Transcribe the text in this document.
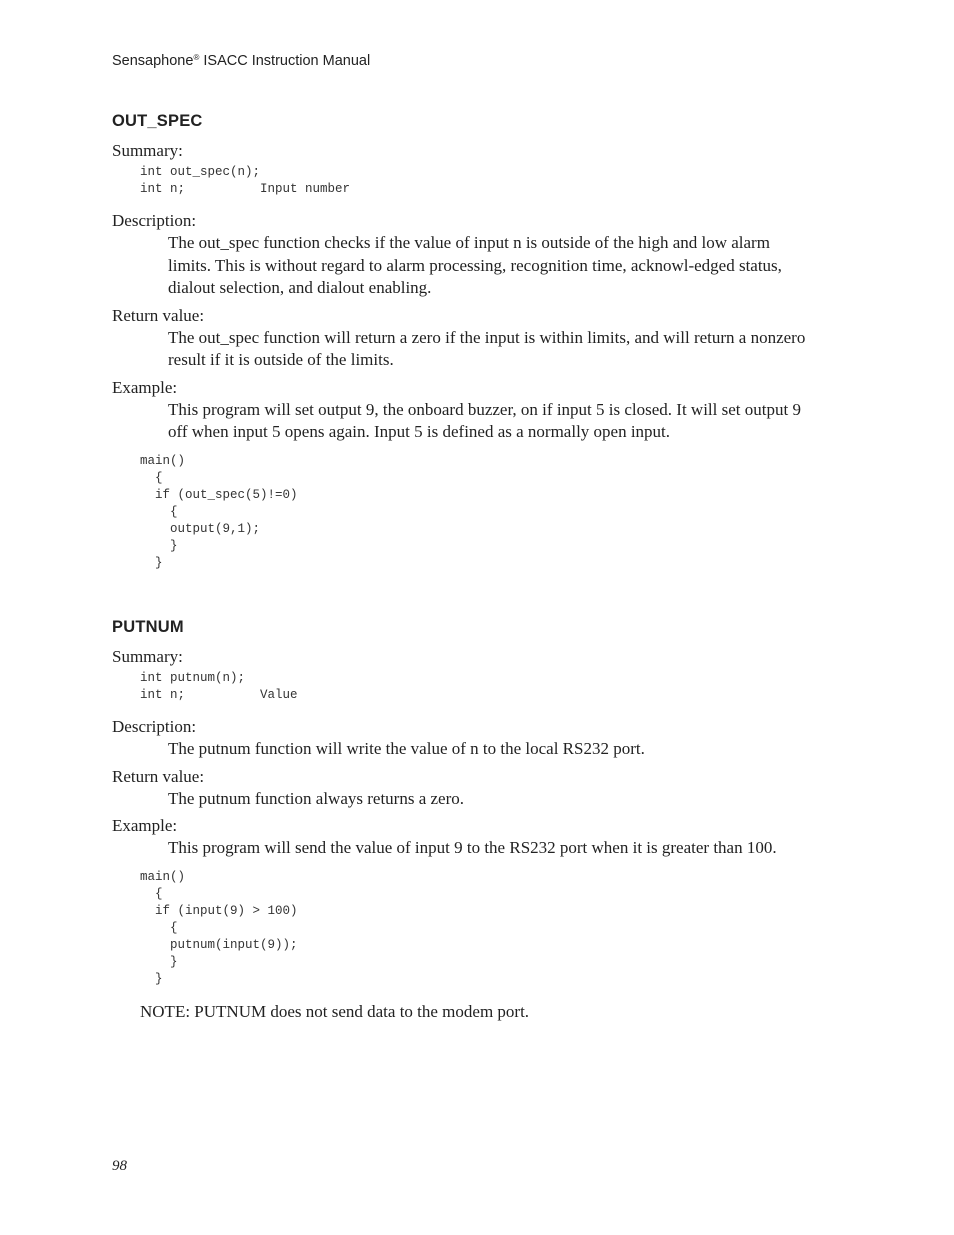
Sensaphone® ISACC Instruction Manual
OUT_SPEC

Summary:

int out_spec(n);
int n;          Input number

Description:

The out_spec function checks if the value of input n is outside of the high and low alarm limits. This is without regard to alarm processing, recognition time, acknowl-edged status, dialout selection, and dialout enabling.

Return value:

The out_spec function will return a zero if the input is within limits, and will return a nonzero result if it is outside of the limits.

Example:

This program will set output 9, the onboard buzzer, on if input 5 is closed. It will set output 9 off when input 5 opens again. Input 5 is defined as a normally open input.

main()
{
if (out_spec(5)!=0)
{
output(9,1);
}
}
PUTNUM

Summary:

int putnum(n);
int n;          Value

Description:

The putnum function will write the value of n to the local RS232 port.

Return value:

The putnum function always returns a zero.

Example:

This program will send the value of input 9 to the RS232 port when it is greater than 100.

main()
{
if (input(9) > 100)
{
putnum(input(9));
}
}

NOTE: PUTNUM does not send data to the modem port.

98
